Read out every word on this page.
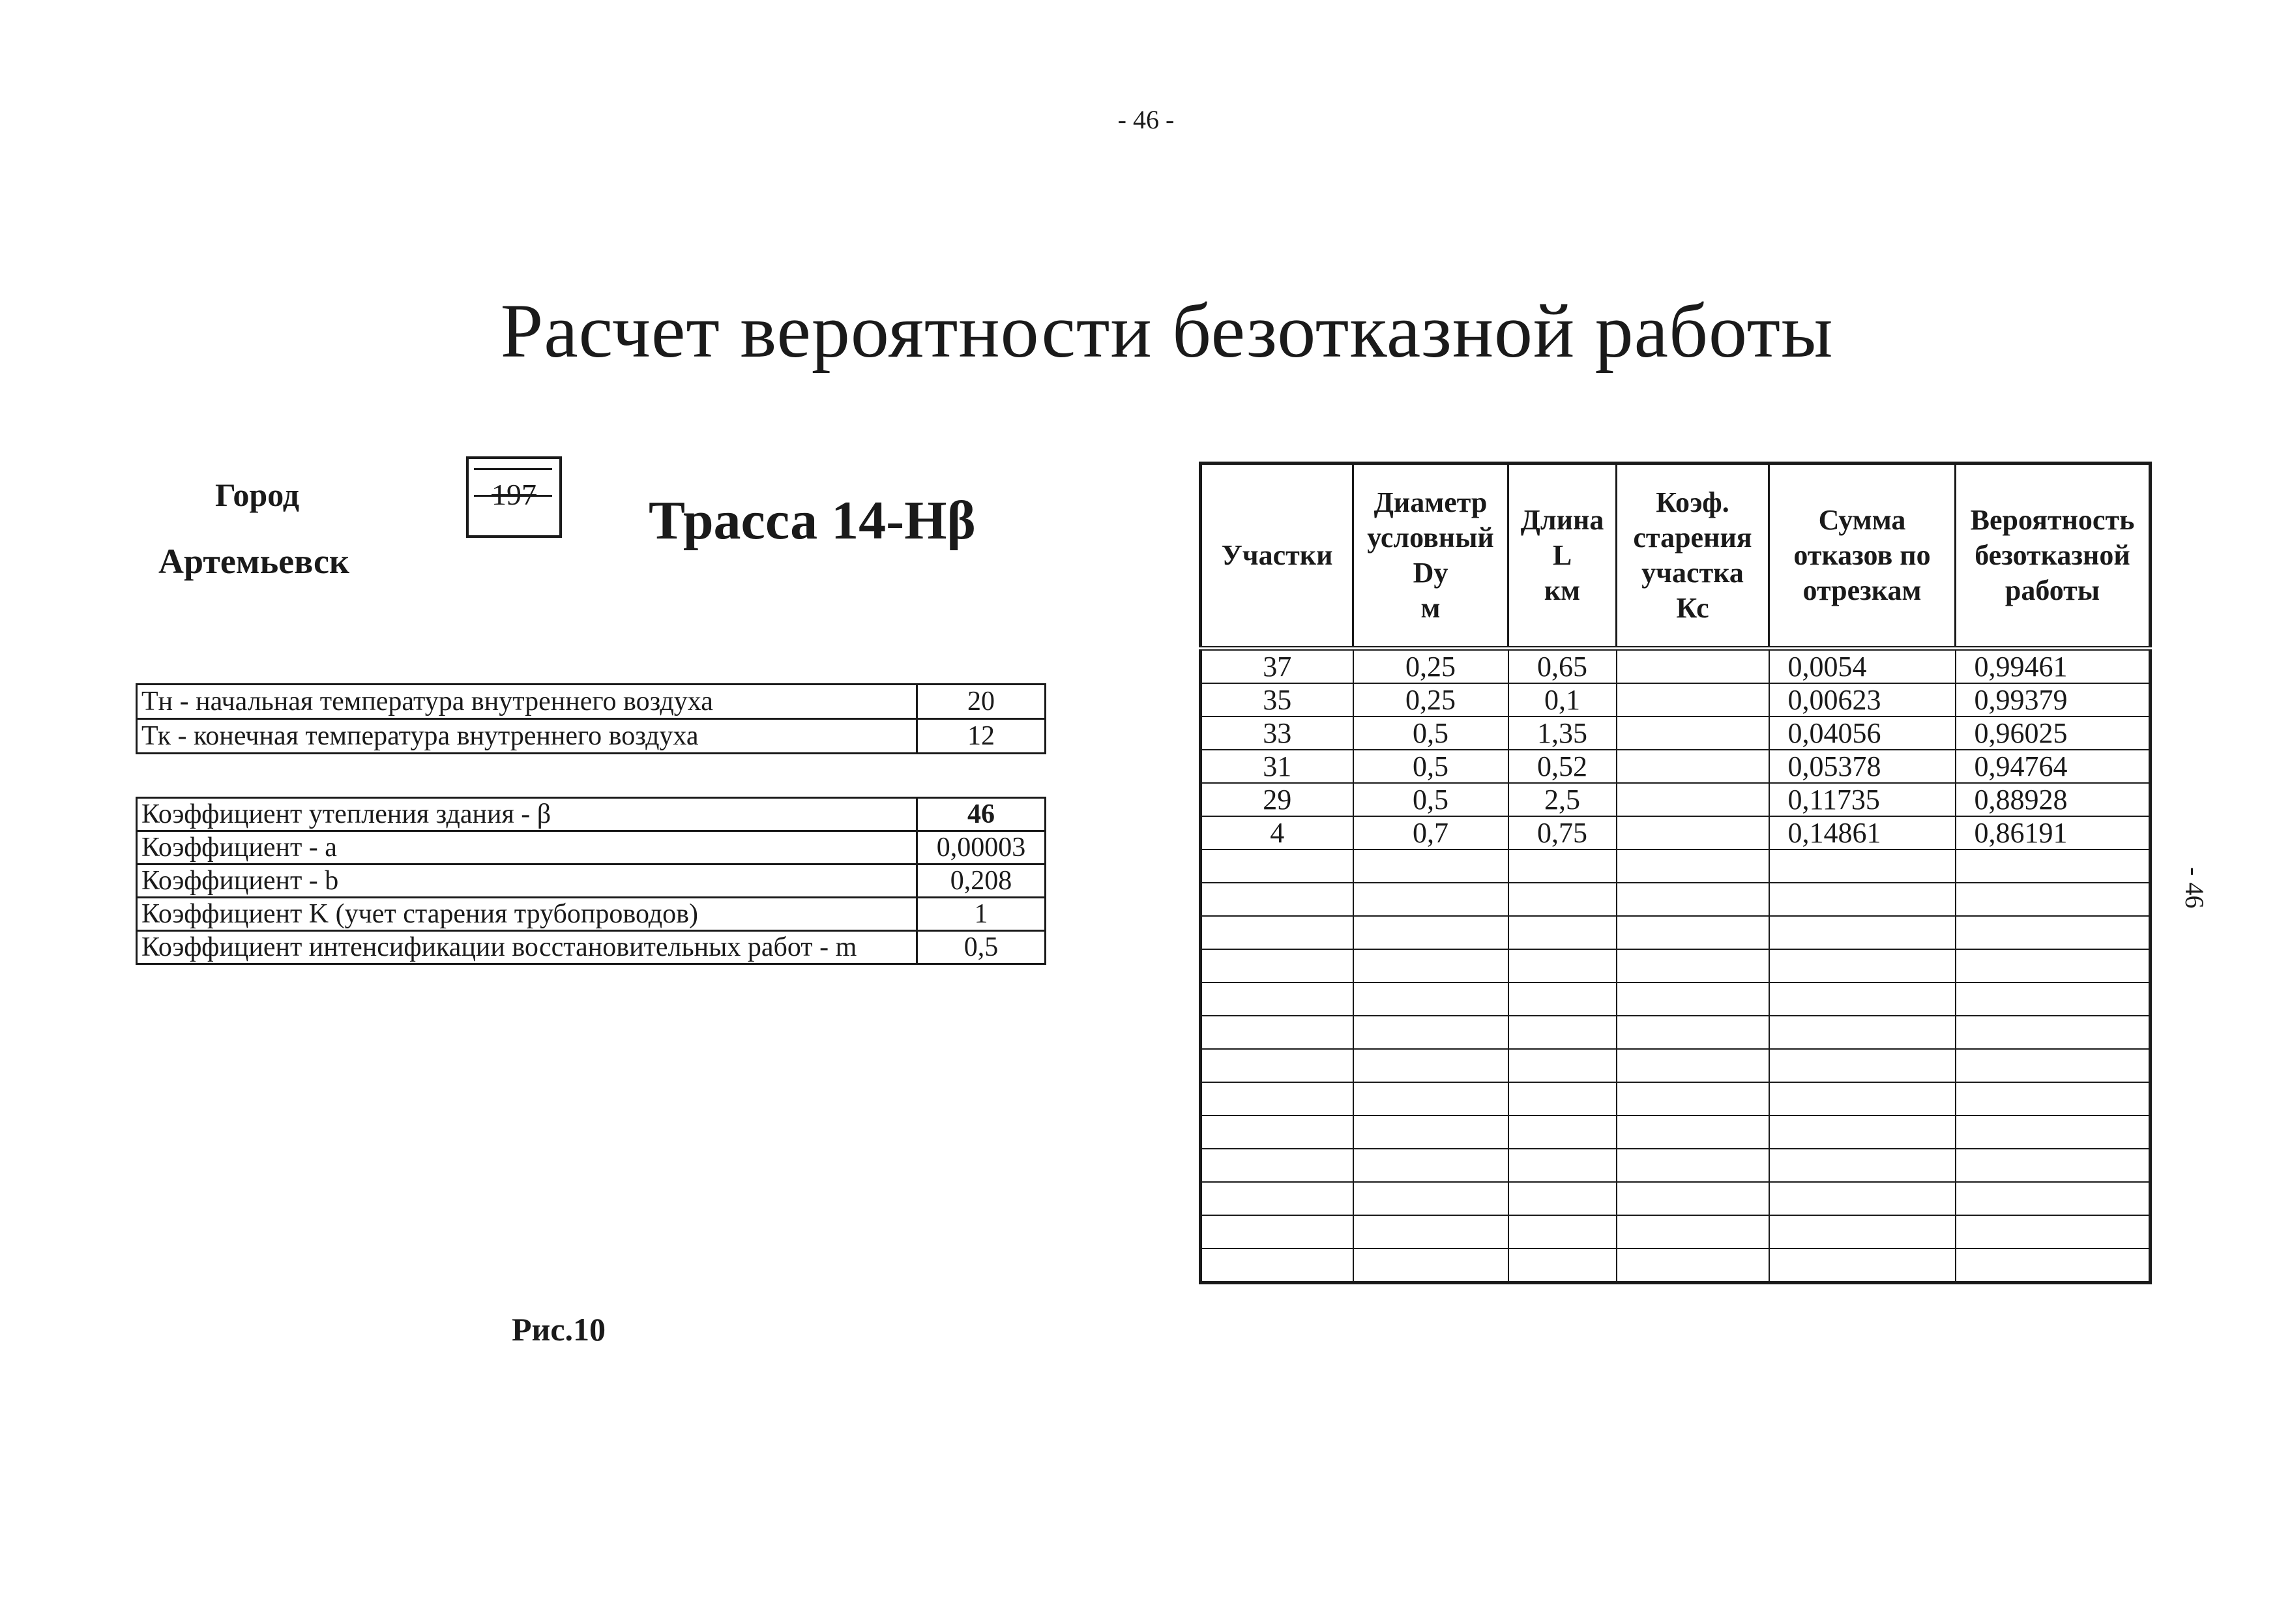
- 46 -
- 46
Расчет вероятности безотказной работы
Город
Артемьевск
197	Трасса 14-Нβ
Тн - начальная температура внутреннего воздуха	20
Тк - конечная температура внутреннего воздуха	12
Коэффициент утепления здания - β	46
Коэффициент - a	0,00003
Коэффициент - b	0,208
Коэффициент K (учет старения трубопроводов)	1
Коэффициент интенсификации восстановительных работ - m	0,5
Участки	Диаметр
условный
Dу
м	Длина
L
км	Коэф.
старения
участка
Кс	Сумма
отказов по
отрезкам	Вероятность
безотказной
работы
37	0,25	0,65		0,0054	0,99461
35	0,25	0,1		0,00623	0,99379
33	0,5	1,35		0,04056	0,96025
31	0,5	0,52		0,05378	0,94764
29	0,5	2,5		0,11735	0,88928
4	0,7	0,75		0,14861	0,86191

Рис.10
